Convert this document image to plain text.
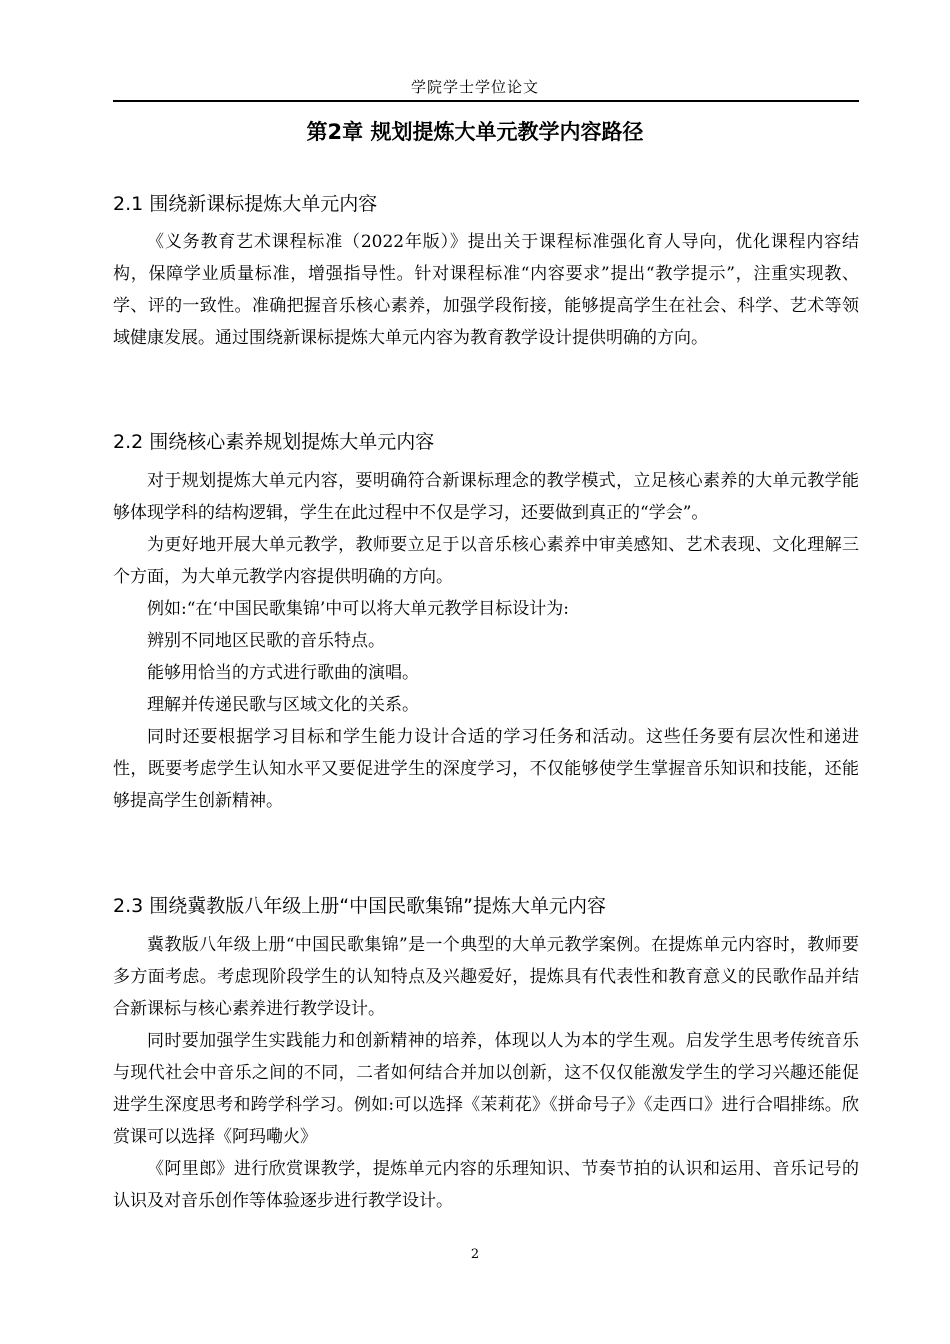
学院学士学位论文
第2章 规划提炼大单元教学内容路径
2.1 围绕新课标提炼大单元内容

《义务教育艺术课程标准（2022年版）》提出关于课程标准强化育人导向，优化课程内容结构，保障学业质量标准，增强指导性。针对课程标准“内容要求”提出“教学提示”，注重实现教、学、评的一致性。准确把握音乐核心素养，加强学段衔接，能够提高学生在社会、科学、艺术等领域健康发展。通过围绕新课标提炼大单元内容为教育教学设计提供明确的方向。

2.2 围绕核心素养规划提炼大单元内容

对于规划提炼大单元内容，要明确符合新课标理念的教学模式，立足核心素养的大单元教学能够体现学科的结构逻辑，学生在此过程中不仅是学习，还要做到真正的“学会”。

为更好地开展大单元教学，教师要立足于以音乐核心素养中审美感知、艺术表现、文化理解三个方面，为大单元教学内容提供明确的方向。

例如:“在‘中国民歌集锦’中可以将大单元教学目标设计为:

辨别不同地区民歌的音乐特点。

能够用恰当的方式进行歌曲的演唱。

理解并传递民歌与区域文化的关系。

同时还要根据学习目标和学生能力设计合适的学习任务和活动。这些任务要有层次性和递进性，既要考虑学生认知水平又要促进学生的深度学习，不仅能够使学生掌握音乐知识和技能，还能够提高学生创新精神。

2.3 围绕冀教版八年级上册“中国民歌集锦”提炼大单元内容

冀教版八年级上册“中国民歌集锦”是一个典型的大单元教学案例。在提炼单元内容时，教师要多方面考虑。考虑现阶段学生的认知特点及兴趣爱好，提炼具有代表性和教育意义的民歌作品并结合新课标与核心素养进行教学设计。

同时要加强学生实践能力和创新精神的培养，体现以人为本的学生观。启发学生思考传统音乐与现代社会中音乐之间的不同，二者如何结合并加以创新，这不仅仅能激发学生的学习兴趣还能促进学生深度思考和跨学科学习。例如:可以选择《茉莉花》《拼命号子》《走西口》进行合唱排练。欣赏课可以选择《阿玛嘞火》

《阿里郎》进行欣赏课教学，提炼单元内容的乐理知识、节奏节拍的认识和运用、音乐记号的认识及对音乐创作等体验逐步进行教学设计。

2
